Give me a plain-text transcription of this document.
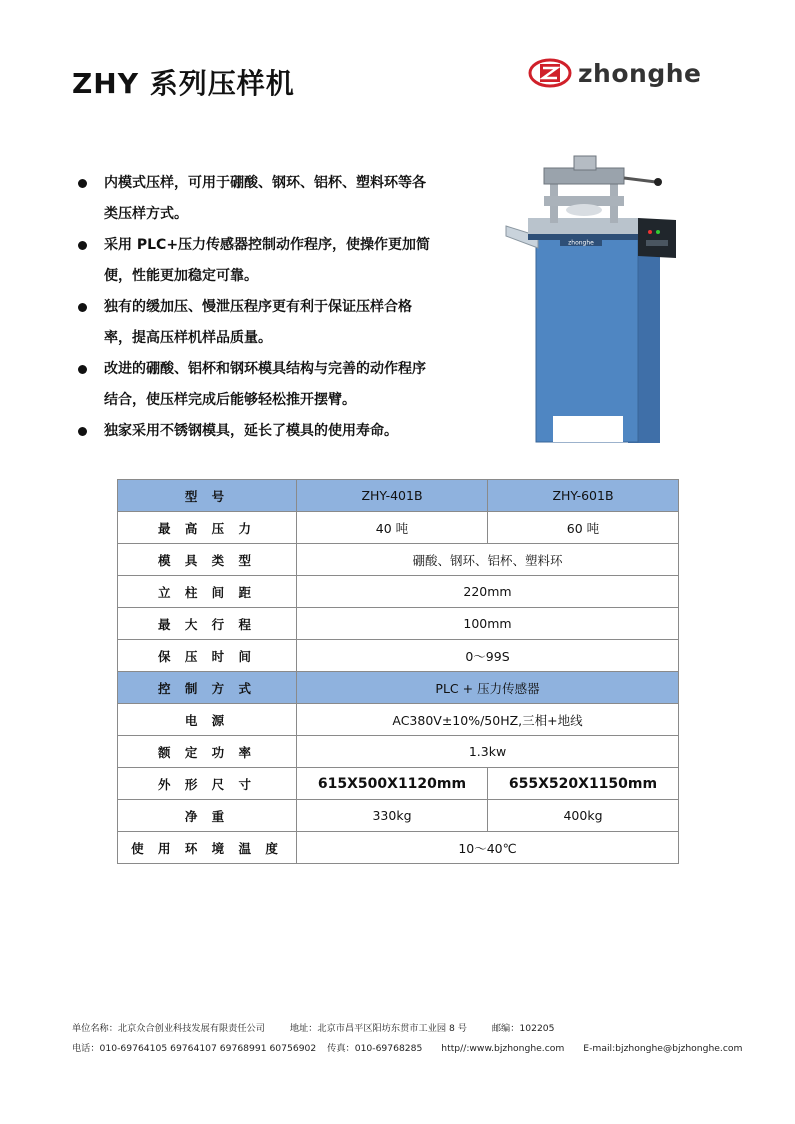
ZHY 系列压样机	zhonghe
内模式压样，可用于硼酸、钢环、铝杯、塑料环等各
类压样方式。
采用 PLC+压力传感器控制动作程序，使操作更加简
便，性能更加稳定可靠。
独有的缓加压、慢泄压程序更有利于保证压样合格
率，提高压样机样品质量。
改进的硼酸、铝杯和钢环模具结构与完善的动作程序
结合，使压样完成后能够轻松推开摆臂。
独家采用不锈钢模具，延长了模具的使用寿命。
zhonghe
型 号	ZHY-401B	ZHY-601B
最 高 压 力	40 吨	60 吨
模 具 类 型	硼酸、钢环、铝杯、塑料环	
立 柱 间 距	220mm	
最 大 行 程	100mm	
保 压 时 间	0～99S	
控 制 方 式	PLC + 压力传感器	
电 源	AC380V±10%/50HZ,三相+地线	
额 定 功 率	1.3kw	
外 形 尺 寸	615X500X1120mm	655X520X1150mm
净 重	330kg	400kg
使 用 环 境 温 度	10～40℃	
单位名称：北京众合创业科技发展有限责任公司	地址：北京市昌平区阳坊东贯市工业园 8 号	邮编：102205
电话：010-69764105 69764107 69768991 60756902 传真：010-69768285 http//:www.bjzhonghe.com E-mail:bjzhonghe@bjzhonghe.com
